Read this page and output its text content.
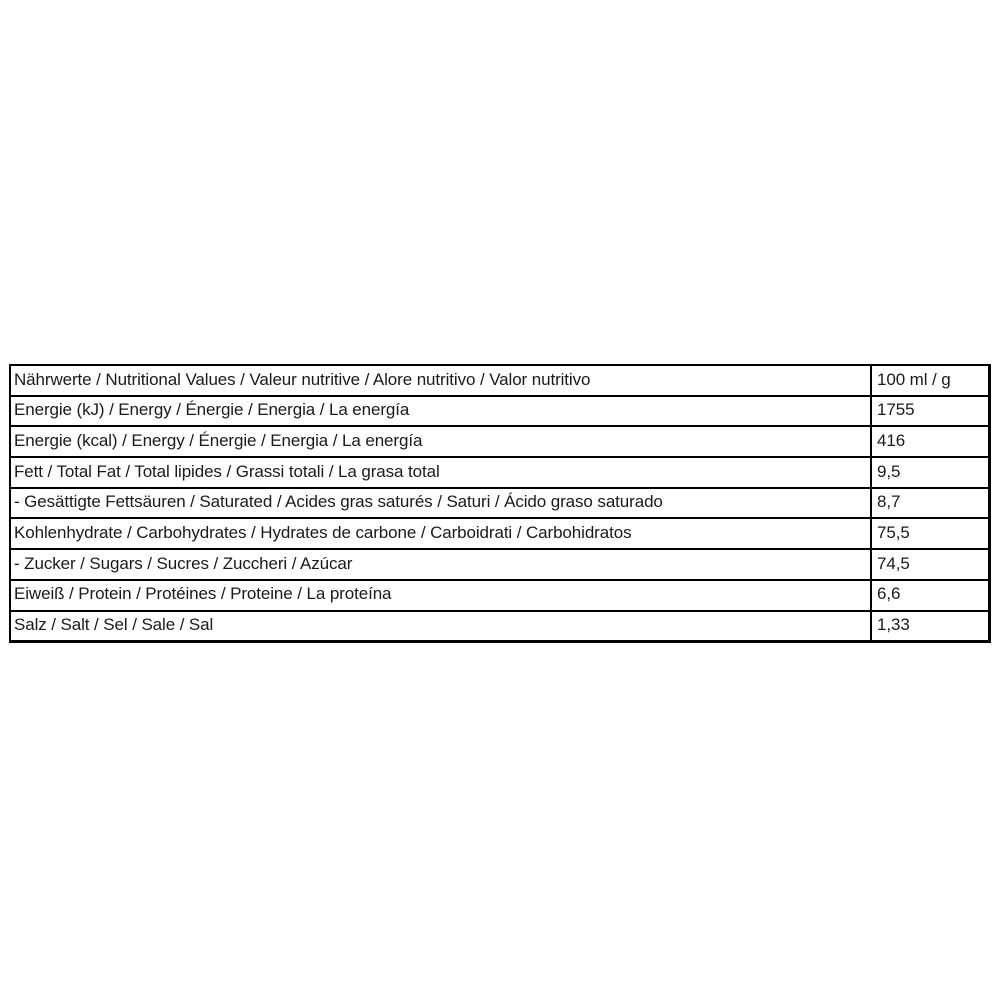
Nährwerte / Nutritional Values / Valeur nutritive / Alore nutritivo / Valor nutritivo	100 ml / g
Energie (kJ) / Energy / Énergie / Energia / La energía	1755
Energie (kcal) / Energy / Énergie / Energia / La energía	416
Fett / Total Fat / Total lipides / Grassi totali / La grasa total	9,5
- Gesättigte Fettsäuren / Saturated / Acides gras saturés / Saturi / Ácido graso saturado	8,7
Kohlenhydrate / Carbohydrates / Hydrates de carbone / Carboidrati / Carbohidratos	75,5
- Zucker / Sugars / Sucres / Zuccheri / Azúcar	74,5
Eiweiß / Protein / Protéines / Proteine / La proteína	6,6
Salz / Salt / Sel / Sale / Sal	1,33
